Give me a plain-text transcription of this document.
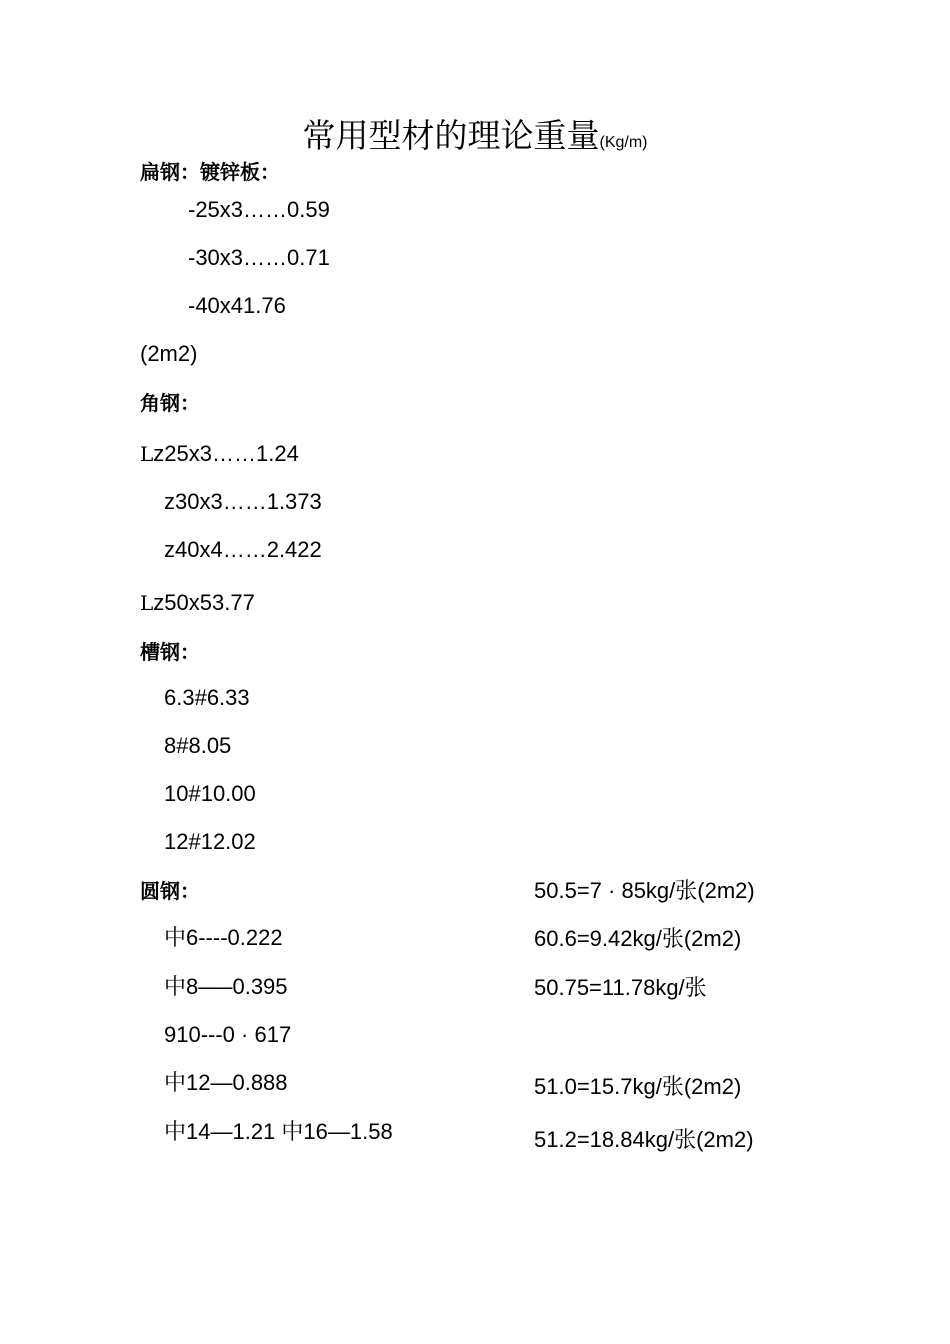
常用型材的理论重量(Kg/m)
扁钢：镀锌板：
-25x3……0.59
-30x3……0.71
-40x41.76
(2m2)
角钢：
Lz25x3……1.24
z30x3……1.373
z40x4……2.422
Lz50x53.77
槽钢：
6.3#6.33
8#8.05
10#10.00
12#12.02
圆钢：
中6----0.222
中8—–0.395
910---0 · 617
中12—0.888
中14—1.21 中16—1.58
50.5=7 · 85kg/张(2m2)
60.6=9.42kg/张(2m2)
50.75=11.78kg/张
51.0=15.7kg/张(2m2)
51.2=18.84kg/张(2m2)
